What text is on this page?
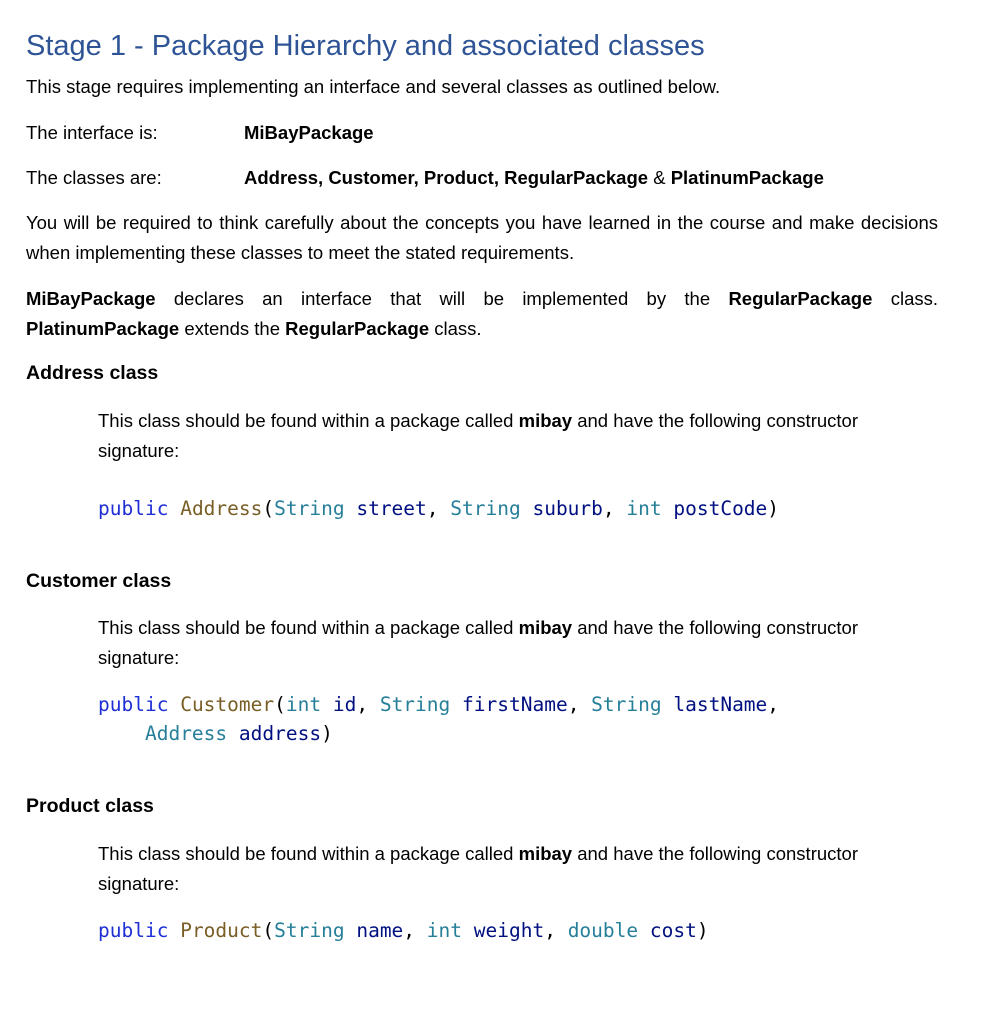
Stage 1 - Package Hierarchy and associated classes
This stage requires implementing an interface and several classes as outlined below.
The interface is:	MiBayPackage
The classes are:	Address, Customer, Product, RegularPackage & PlatinumPackage
You will be required to think carefully about the concepts you have learned in the course and make decisions when implementing these classes to meet the stated requirements.
MiBayPackage declares an interface that will be implemented by the RegularPackage class. PlatinumPackage extends the RegularPackage class.
Address class
This class should be found within a package called mibay and have the following constructor signature:
public Address(String street, String suburb, int postCode)
Customer class
This class should be found within a package called mibay and have the following constructor signature:
public Customer(int id, String firstName, String lastName,
Address address)
Product class
This class should be found within a package called mibay and have the following constructor signature:
public Product(String name, int weight, double cost)
